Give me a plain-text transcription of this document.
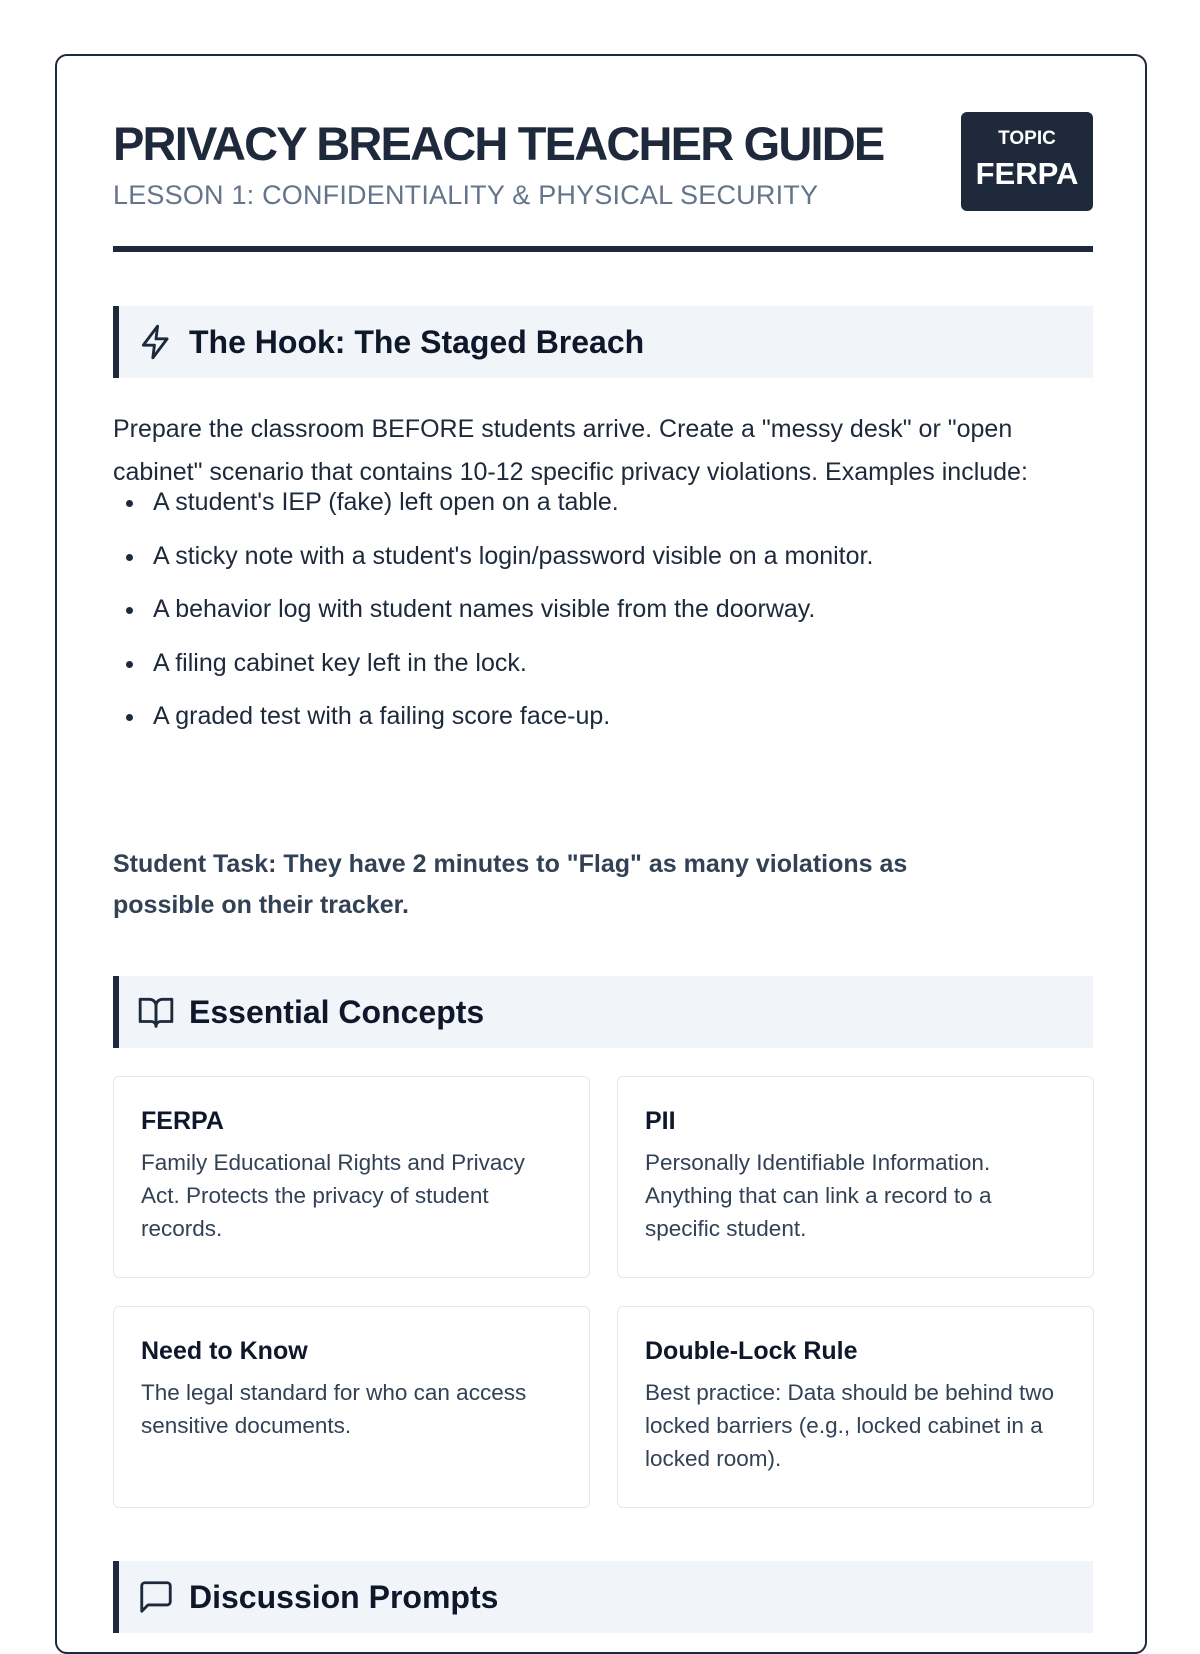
PRIVACY BREACH TEACHER GUIDE
LESSON 1: CONFIDENTIALITY & PHYSICAL SECURITY
TOPIC
FERPA
The Hook: The Staged Breach

Prepare the classroom BEFORE students arrive. Create a "messy desk" or "open cabinet" scenario that contains 10-12 specific privacy violations. Examples include:

A student's IEP (fake) left open on a table.
A sticky note with a student's login/password visible on a monitor.
A behavior log with student names visible from the doorway.
A filing cabinet key left in the lock.
A graded test with a failing score face-up.

Student Task: They have 2 minutes to "Flag" as many violations as possible on their tracker.

Essential Concepts
FERPA

Family Educational Rights and Privacy Act. Protects the privacy of student records.

PII

Personally Identifiable Information. Anything that can link a record to a specific student.

Need to Know

The legal standard for who can access sensitive documents.

Double-Lock Rule

Best practice: Data should be behind two locked barriers (e.g., locked cabinet in a locked room).

Discussion Prompts
